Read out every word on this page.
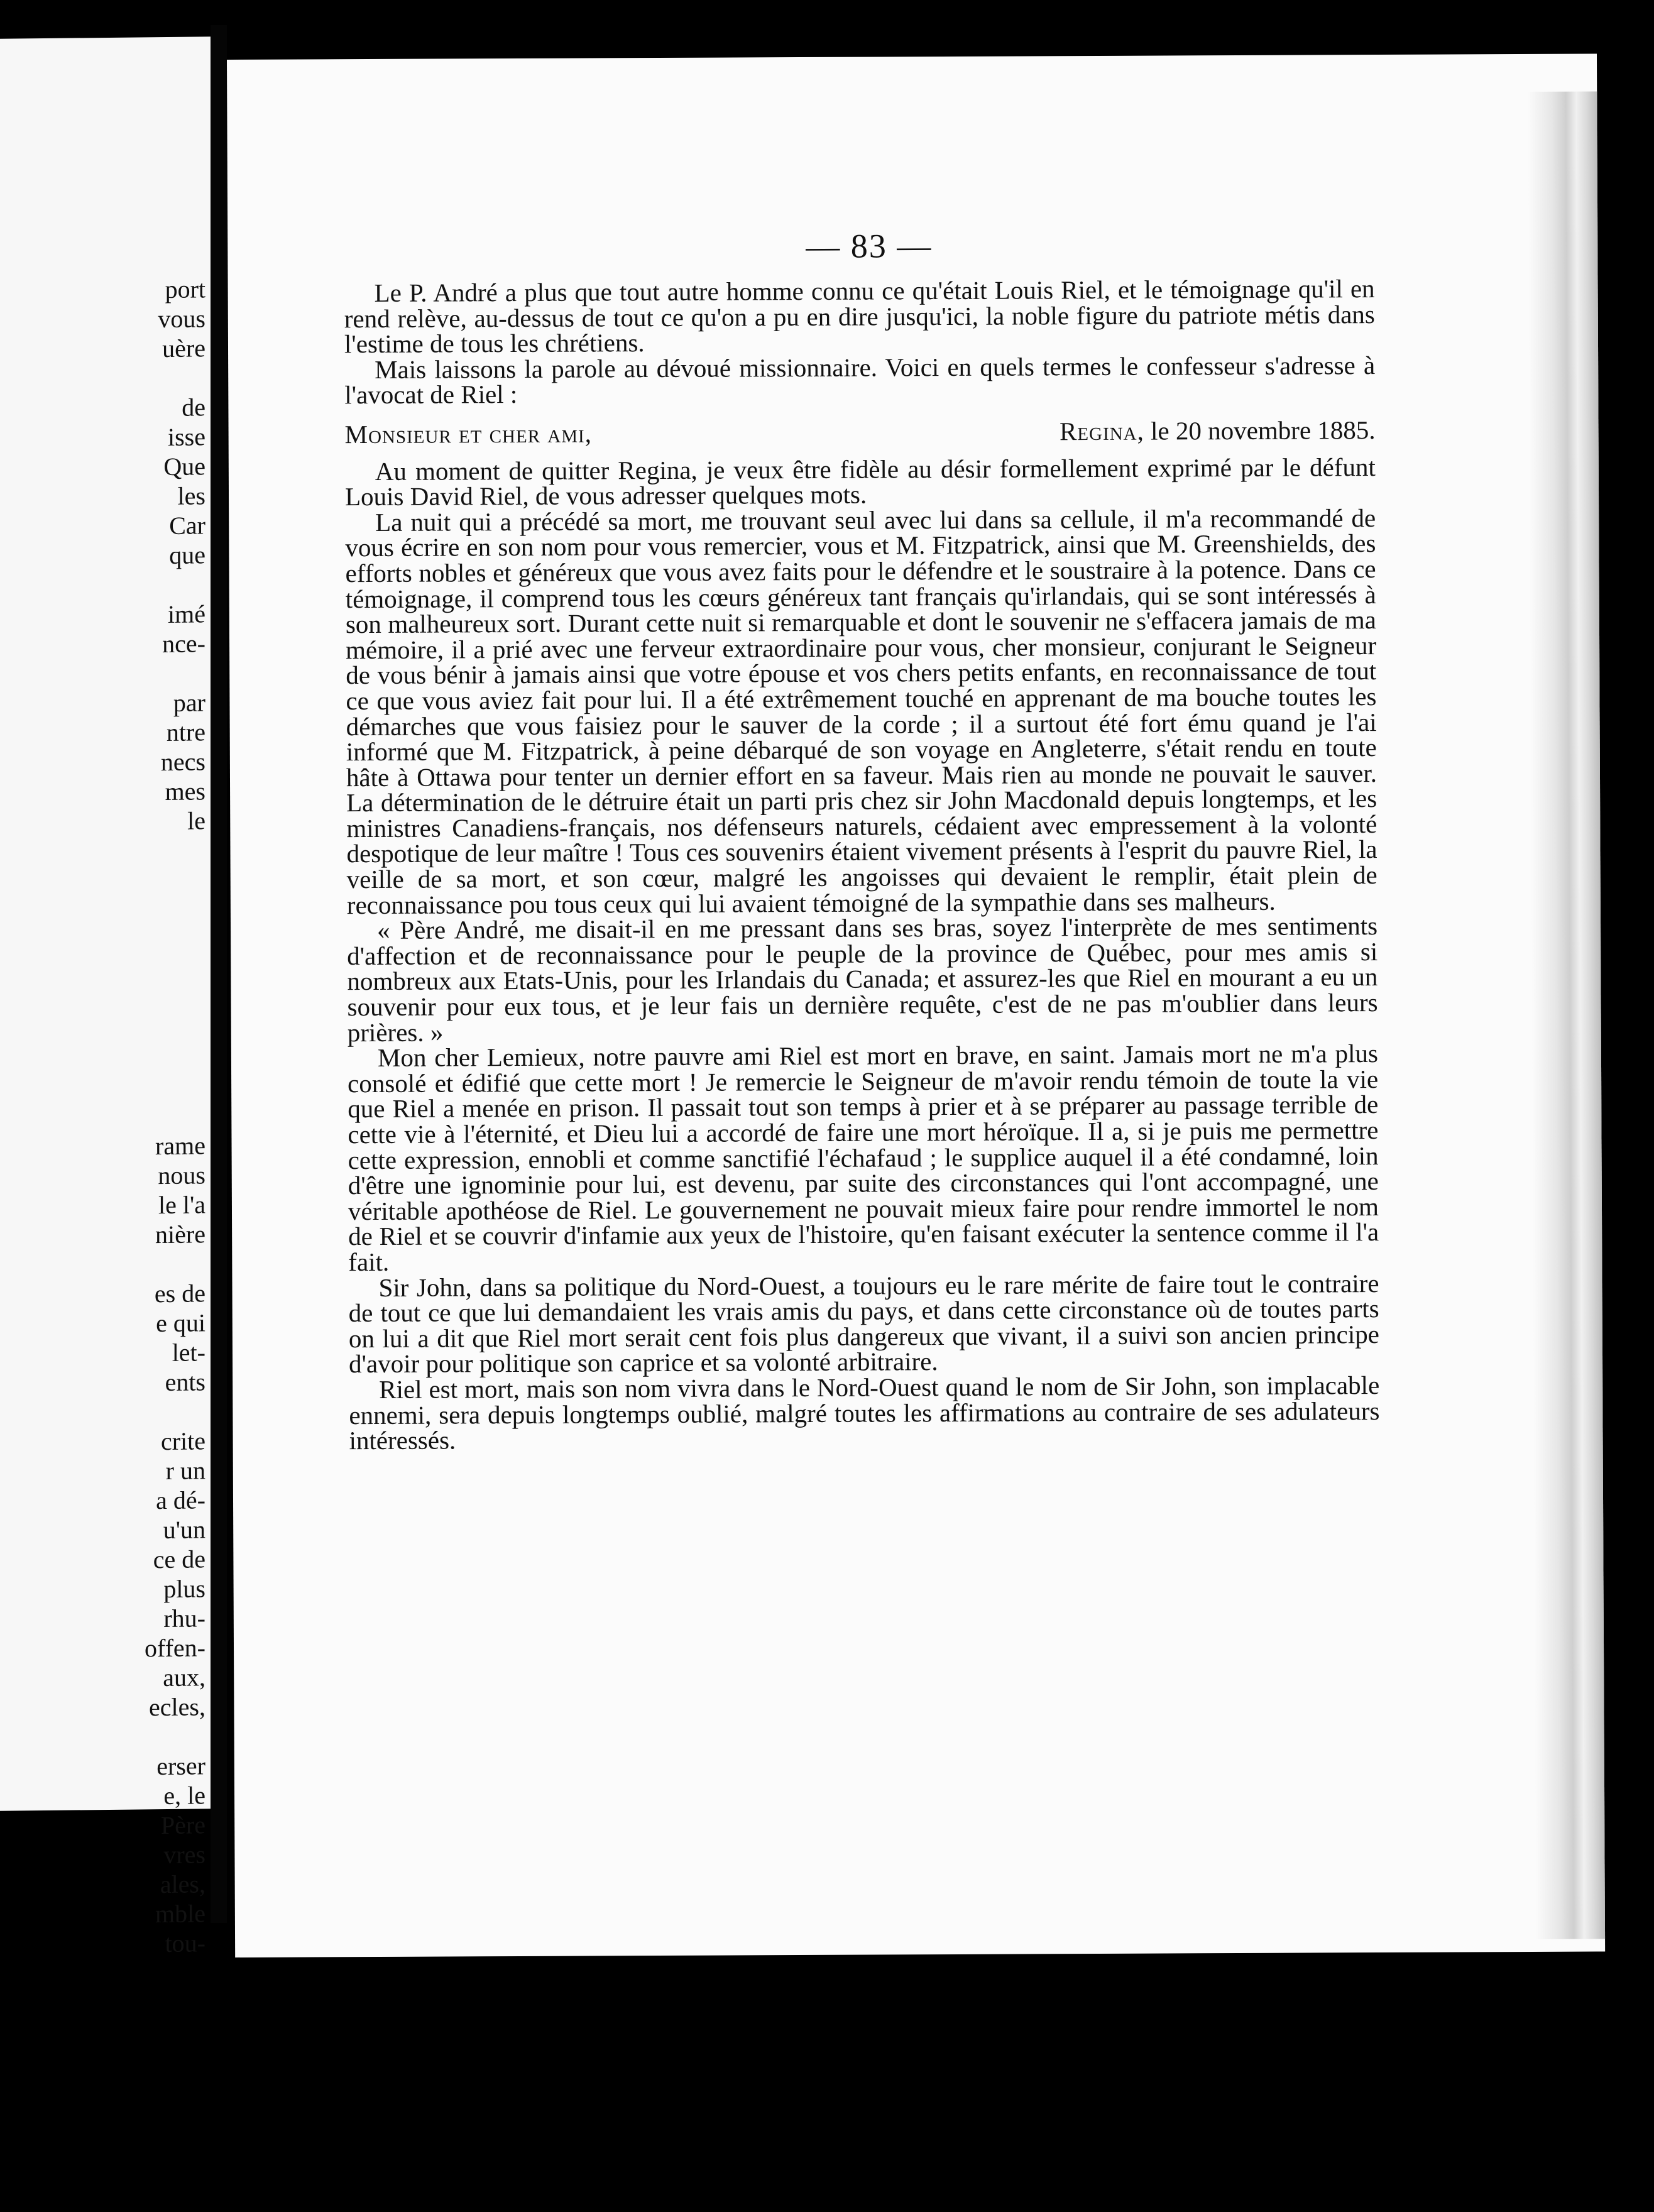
port
vous
uère
de
isse
Que
les
Car
que
imé
nce-
par
ntre
necs
mes
le
rame
nous
le l'a
nière
es de
e qui
let-
ents
crite
r un
a dé-
u'un
ce de
plus
rhu-
offen-
aux,
ecles,
erser
e, le
Père
vres
ales,
mble
tou-
— 83 —

Le P. André a plus que tout autre homme connu ce qu'était Louis Riel, et le témoignage qu'il en rend relève, au-dessus de tout ce qu'on a pu en dire jusqu'ici, la noble figure du patriote métis dans l'estime de tous les chrétiens.

Mais laissons la parole au dévoué missionnaire. Voici en quels termes le confesseur s'adresse à l'avocat de Riel :

Monsieur et cher ami,	Regina, le 20 novembre 1885.

Au moment de quitter Regina, je veux être fidèle au désir formellement exprimé par le défunt Louis David Riel, de vous adresser quelques mots.

La nuit qui a précédé sa mort, me trouvant seul avec lui dans sa cellule, il m'a recommandé de vous écrire en son nom pour vous remercier, vous et M. Fitzpatrick, ainsi que M. Greenshields, des efforts nobles et généreux que vous avez faits pour le défendre et le soustraire à la potence. Dans ce témoignage, il comprend tous les cœurs généreux tant français qu'irlandais, qui se sont intéressés à son malheureux sort. Durant cette nuit si remarquable et dont le souvenir ne s'effacera jamais de ma mémoire, il a prié avec une ferveur extraordinaire pour vous, cher monsieur, conjurant le Seigneur de vous bénir à jamais ainsi que votre épouse et vos chers petits enfants, en reconnaissance de tout ce que vous aviez fait pour lui. Il a été extrêmement touché en apprenant de ma bouche toutes les démarches que vous faisiez pour le sauver de la corde ; il a surtout été fort ému quand je l'ai informé que M. Fitzpatrick, à peine débarqué de son voyage en Angleterre, s'était rendu en toute hâte à Ottawa pour tenter un dernier effort en sa faveur. Mais rien au monde ne pouvait le sauver. La détermination de le détruire était un parti pris chez sir John Macdonald depuis longtemps, et les ministres Canadiens-français, nos défenseurs naturels, cédaient avec empressement à la volonté despotique de leur maître ! Tous ces souvenirs étaient vivement présents à l'esprit du pauvre Riel, la veille de sa mort, et son cœur, malgré les angoisses qui devaient le remplir, était plein de reconnaissance pou tous ceux qui lui avaient témoigné de la sympathie dans ses malheurs.

« Père André, me disait-il en me pressant dans ses bras, soyez l'interprète de mes sentiments d'affection et de reconnaissance pour le peuple de la province de Québec, pour mes amis si nombreux aux Etats-Unis, pour les Irlandais du Canada; et assurez-les que Riel en mourant a eu un souvenir pour eux tous, et je leur fais un dernière requête, c'est de ne pas m'oublier dans leurs prières. »

Mon cher Lemieux, notre pauvre ami Riel est mort en brave, en saint. Jamais mort ne m'a plus consolé et édifié que cette mort ! Je remercie le Seigneur de m'avoir rendu témoin de toute la vie que Riel a menée en prison. Il passait tout son temps à prier et à se préparer au passage terrible de cette vie à l'éternité, et Dieu lui a accordé de faire une mort héroïque. Il a, si je puis me permettre cette expression, ennobli et comme sanctifié l'échafaud ; le supplice auquel il a été condamné, loin d'être une ignominie pour lui, est devenu, par suite des circonstances qui l'ont accompagné, une véritable apothéose de Riel. Le gouvernement ne pouvait mieux faire pour rendre immortel le nom de Riel et se couvrir d'infamie aux yeux de l'histoire, qu'en faisant exécuter la sentence comme il l'a fait.

Sir John, dans sa politique du Nord-Ouest, a toujours eu le rare mérite de faire tout le contraire de tout ce que lui demandaient les vrais amis du pays, et dans cette circonstance où de toutes parts on lui a dit que Riel mort serait cent fois plus dangereux que vivant, il a suivi son ancien principe d'avoir pour politique son caprice et sa volonté arbitraire.

Riel est mort, mais son nom vivra dans le Nord-Ouest quand le nom de Sir John, son implacable ennemi, sera depuis longtemps oublié, malgré toutes les affirmations au contraire de ses adulateurs intéressés.
